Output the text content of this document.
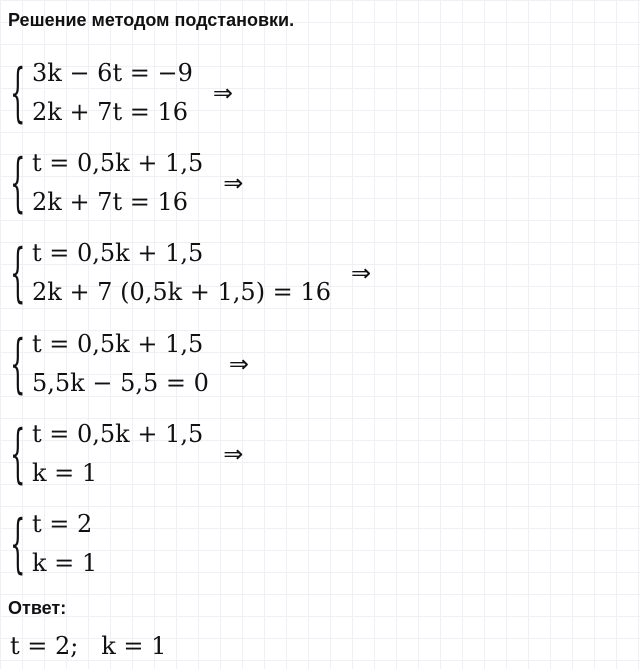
Решение методом подстановки.
{ 3k − 6t = −9
2k + 7t = 16
⇒
{ t = 0,5k + 1,5
2k + 7t = 16
⇒
{ t = 0,5k + 1,5
2k + 7 (0,5k + 1,5) = 16
⇒
{ t = 0,5k + 1,5
5,5k − 5,5 = 0
⇒
{ t = 0,5k + 1,5
k = 1
⇒
{ t = 2
k = 1
Ответ:
t = 2;   k = 1
